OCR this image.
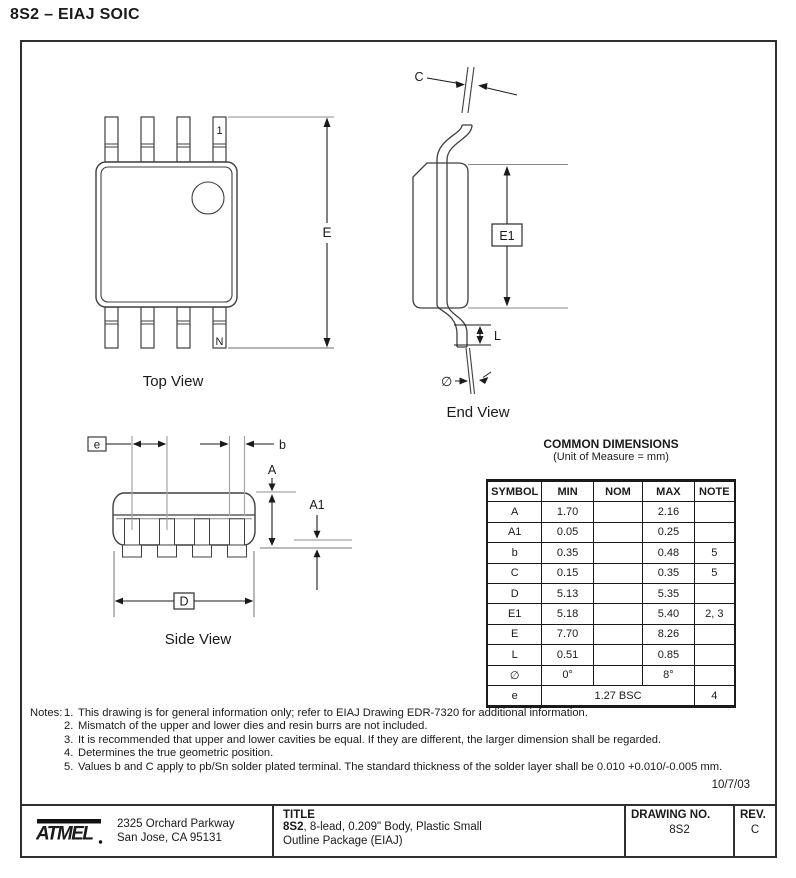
8S2 – EIAJ SOIC
1
N
E
Top View
C
E1
L
∅
End View
e	b
A
A1
D
Side View
COMMON DIMENSIONS
(Unit of Measure = mm)
SYMBOL	MIN	NOM	MAX	NOTE
A	1.70		2.16	
A1	0.05		0.25	
b	0.35		0.48	5
C	0.15		0.35	5
D	5.13		5.35	
E1	5.18		5.40	2, 3
E	7.70		8.26	
L	0.51		0.85	
∅	0°		8°	
e	1.27 BSC			4
Notes: 1. This drawing is for general information only; refer to EIAJ Drawing EDR-7320 for additional information.
2. Mismatch of the upper and lower dies and resin burrs are not included.
3. It is recommended that upper and lower cavities be equal. If they are different, the larger dimension shall be regarded.
4. Determines the true geometric position.
5. Values b and C apply to pb/Sn solder plated terminal. The standard thickness of the solder layer shall be 0.010 +0.010/-0.005 mm.
10/7/03
ATMEL 2325 Orchard Parkway
San Jose, CA 95131
TITLE
8S2, 8-lead, 0.209" Body, Plastic Small
Outline Package (EIAJ)
DRAWING NO.
8S2
REV.
C
